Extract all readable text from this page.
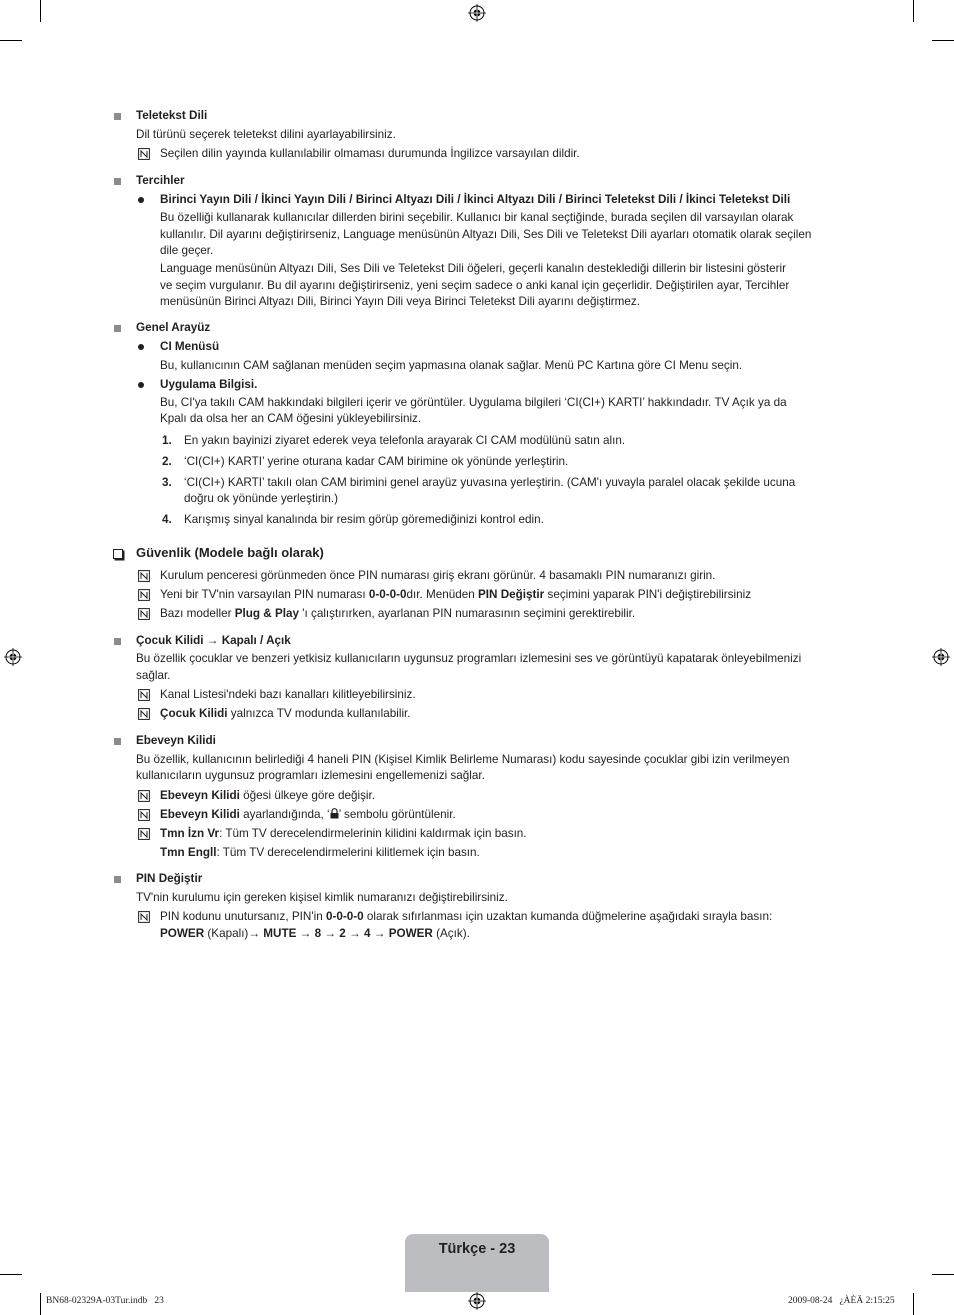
Teletekst Dili
Dil türünü seçerek teletekst dilini ayarlayabilirsiniz.
Seçilen dilin yayında kullanılabilir olmaması durumunda İngilizce varsayılan dildir.
Tercihler
Birinci Yayın Dili / İkinci Yayın Dili / Birinci Altyazı Dili / İkinci Altyazı Dili / Birinci Teletekst Dili / İkinci Teletekst Dili
Bu özelliği kullanarak kullanıcılar dillerden birini seçebilir. Kullanıcı bir kanal seçtiğinde, burada seçilen dil varsayılan olarak
kullanılır. Dil ayarını değiştirirseniz, Language menüsünün Altyazı Dili, Ses Dili ve Teletekst Dili ayarları otomatik olarak seçilen
dile geçer.
Language menüsünün Altyazı Dili, Ses Dili ve Teletekst Dili öğeleri, geçerli kanalın desteklediği dillerin bir listesini gösterir
ve seçim vurgulanır. Bu dil ayarını değiştirirseniz, yeni seçim sadece o anki kanal için geçerlidir. Değiştirilen ayar, Tercihler
menüsünün Birinci Altyazı Dili, Birinci Yayın Dili veya Birinci Teletekst Dili ayarını değiştirmez.
Genel Arayüz
CI Menüsü
Bu, kullanıcının CAM sağlanan menüden seçim yapmasına olanak sağlar. Menü PC Kartına göre CI Menu seçin.
Uygulama Bilgisi.
Bu, CI'ya takılı CAM hakkındaki bilgileri içerir ve görüntüler. Uygulama bilgileri ‘CI(CI+) KARTI’ hakkındadır. TV Açık ya da
Kpalı da olsa her an CAM öğesini yükleyebilirsiniz.
1. En yakın bayinizi ziyaret ederek veya telefonla arayarak CI CAM modülünü satın alın.
2. ‘CI(CI+) KARTI’ yerine oturana kadar CAM birimine ok yönünde yerleştirin.
3. ‘CI(CI+) KARTI’ takılı olan CAM birimini genel arayüz yuvasına yerleştirin. (CAM'ı yuvayla paralel olacak şekilde ucuna
doğru ok yönünde yerleştirin.)
4. Karışmış sinyal kanalında bir resim görüp göremediğinizi kontrol edin.
Güvenlik (Modele bağlı olarak)
Kurulum penceresi görünmeden önce PIN numarası giriş ekranı görünür. 4 basamaklı PIN numaranızı girin.
Yeni bir TV'nin varsayılan PIN numarası 0-0-0-0dır. Menüden PIN Değiştir seçimini yaparak PIN'i değiştirebilirsiniz
Bazı modeller Plug & Play 'ı çalıştırırken, ayarlanan PIN numarasının seçimini gerektirebilir.
Çocuk Kilidi → Kapalı / Açık
Bu özellik çocuklar ve benzeri yetkisiz kullanıcıların uygunsuz programları izlemesini ses ve görüntüyü kapatarak önleyebilmenizi
sağlar.
Kanal Listesi'ndeki bazı kanalları kilitleyebilirsiniz.
Çocuk Kilidi yalnızca TV modunda kullanılabilir.
Ebeveyn Kilidi
Bu özellik, kullanıcının belirlediği 4 haneli PIN (Kişisel Kimlik Belirleme Numarası) kodu sayesinde çocuklar gibi izin verilmeyen
kullanıcıların uygunsuz programları izlemesini engellemenizi sağlar.
Ebeveyn Kilidi öğesi ülkeye göre değişir.
Ebeveyn Kilidi ayarlandığında, ‘ ’ sembolu görüntülenir.
Tmn İzn Vr: Tüm TV derecelendirmelerinin kilidini kaldırmak için basın.
Tmn Engll: Tüm TV derecelendirmelerini kilitlemek için basın.
PIN Değiştir
TV'nin kurulumu için gereken kişisel kimlik numaranızı değiştirebilirsiniz.
PIN kodunu unutursanız, PIN'in 0-0-0-0 olarak sıfırlanması için uzaktan kumanda düğmelerine aşağıdaki sırayla basın:
POWER (Kapalı)→ MUTE → 8 → 2 → 4 → POWER (Açık).
Türkçe - 23
BN68-02329A-03Tur.indb   23	2009-08-24   ¿ÀÈÄ 2:15:25
